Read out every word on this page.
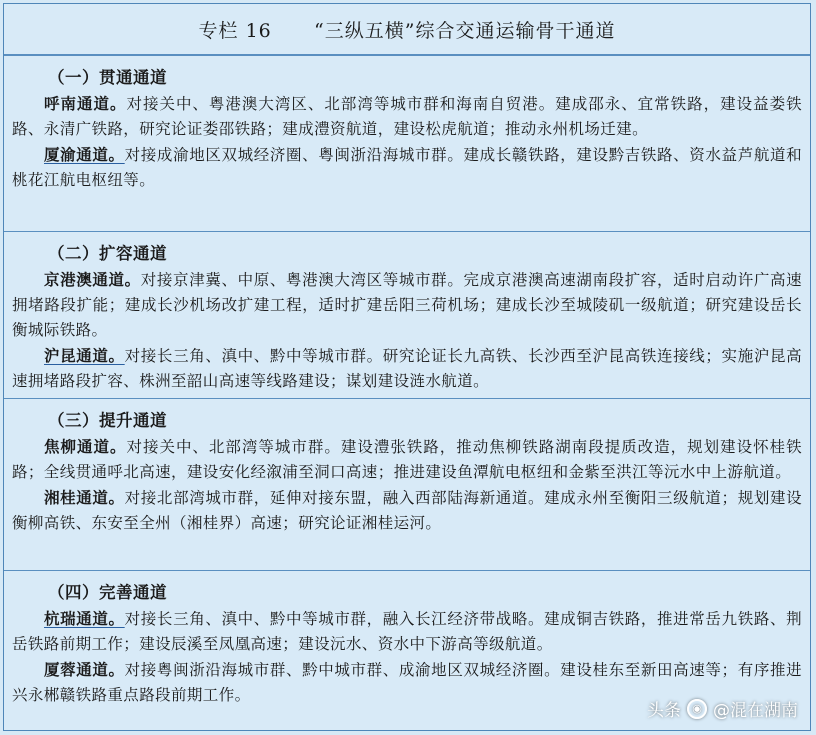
专栏 16
“三纵五横”综合交通运输骨干通道
（一）贯通通道

呼南通道。对接关中、粤港澳大湾区、北部湾等城市群和海南自贸港。建成邵永、宜常铁路，建设益娄铁路、永清广铁路，研究论证娄邵铁路；建成澧资航道，建设松虎航道；推动永州机场迁建。

厦渝通道。对接成渝地区双城经济圈、粤闽浙沿海城市群。建成长赣铁路，建设黔吉铁路、资水益芦航道和桃花江航电枢纽等。

（二）扩容通道

京港澳通道。对接京津冀、中原、粤港澳大湾区等城市群。完成京港澳高速湖南段扩容，适时启动许广高速拥堵路段扩能；建成长沙机场改扩建工程，适时扩建岳阳三荷机场；建成长沙至城陵矶一级航道；研究建设岳长衡城际铁路。

沪昆通道。对接长三角、滇中、黔中等城市群。研究论证长九高铁、长沙西至沪昆高铁连接线；实施沪昆高速拥堵路段扩容、株洲至韶山高速等线路建设；谋划建设涟水航道。

（三）提升通道

焦柳通道。对接关中、北部湾等城市群。建设澧张铁路，推动焦柳铁路湖南段提质改造，规划建设怀桂铁路；全线贯通呼北高速，建设安化经溆浦至洞口高速；推进建设鱼潭航电枢纽和金紫至洪江等沅水中上游航道。

湘桂通道。对接北部湾城市群，延伸对接东盟，融入西部陆海新通道。建成永州至衡阳三级航道；规划建设衡柳高铁、东安至全州（湘桂界）高速；研究论证湘桂运河。

（四）完善通道

杭瑞通道。对接长三角、滇中、黔中等城市群，融入长江经济带战略。建成铜吉铁路，推进常岳九铁路、荆岳铁路前期工作；建设辰溪至凤凰高速；建设沅水、资水中下游高等级航道。

厦蓉通道。对接粤闽浙沿海城市群、黔中城市群、成渝地区双城经济圈。建设桂东至新田高速等；有序推进兴永郴赣铁路重点路段前期工作。

头条	◉ @混在湖南
